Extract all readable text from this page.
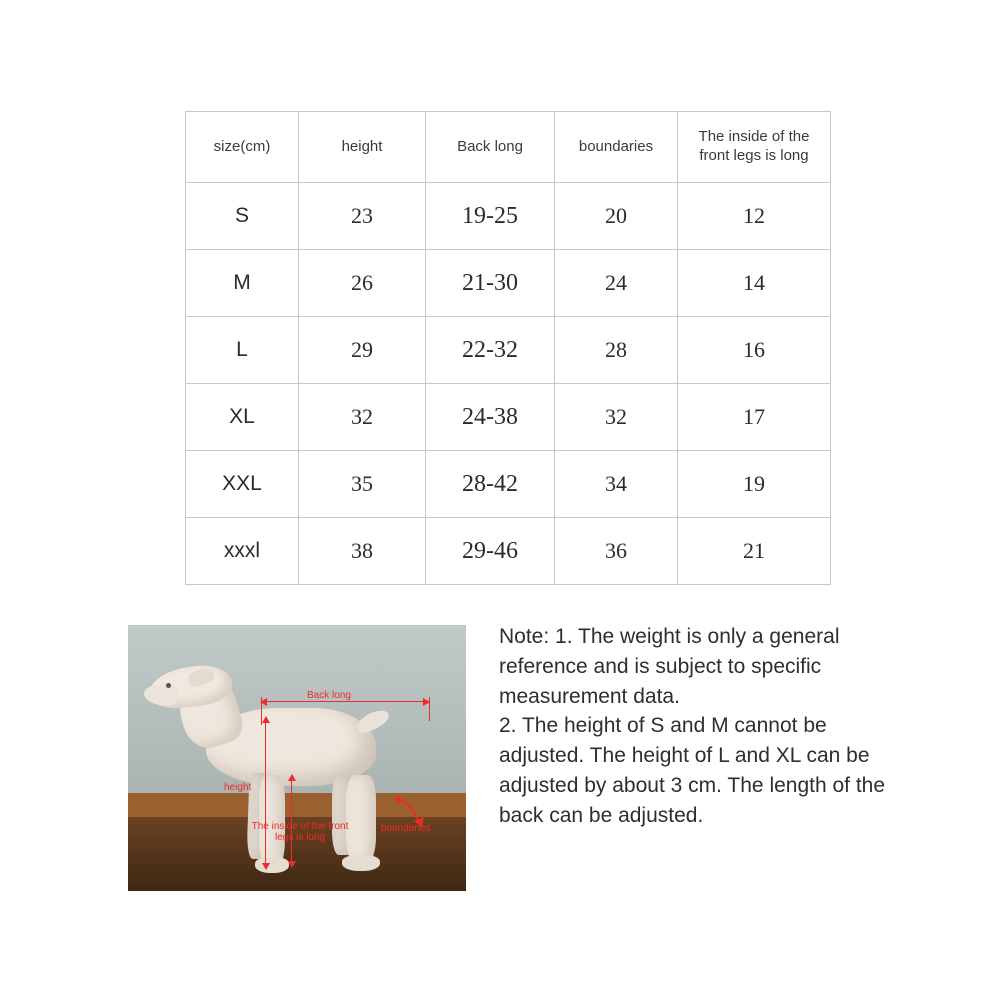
size(cm)	height	Back long	boundaries	The inside of the front legs is long
S	23	19-25	20	12
M	26	21-30	24	14
L	29	22-32	28	16
XL	32	24-38	32	17
XXL	35	28-42	34	19
xxxl	38	29-46	36	21
Back long
height
The inside of the front legs is long
boundaries

Note: 1. The weight is only a general reference and is subject to specific measurement data.

2. The height of S and M cannot be adjusted. The height of L and XL can be adjusted by about 3 cm. The length of the back can be adjusted.
